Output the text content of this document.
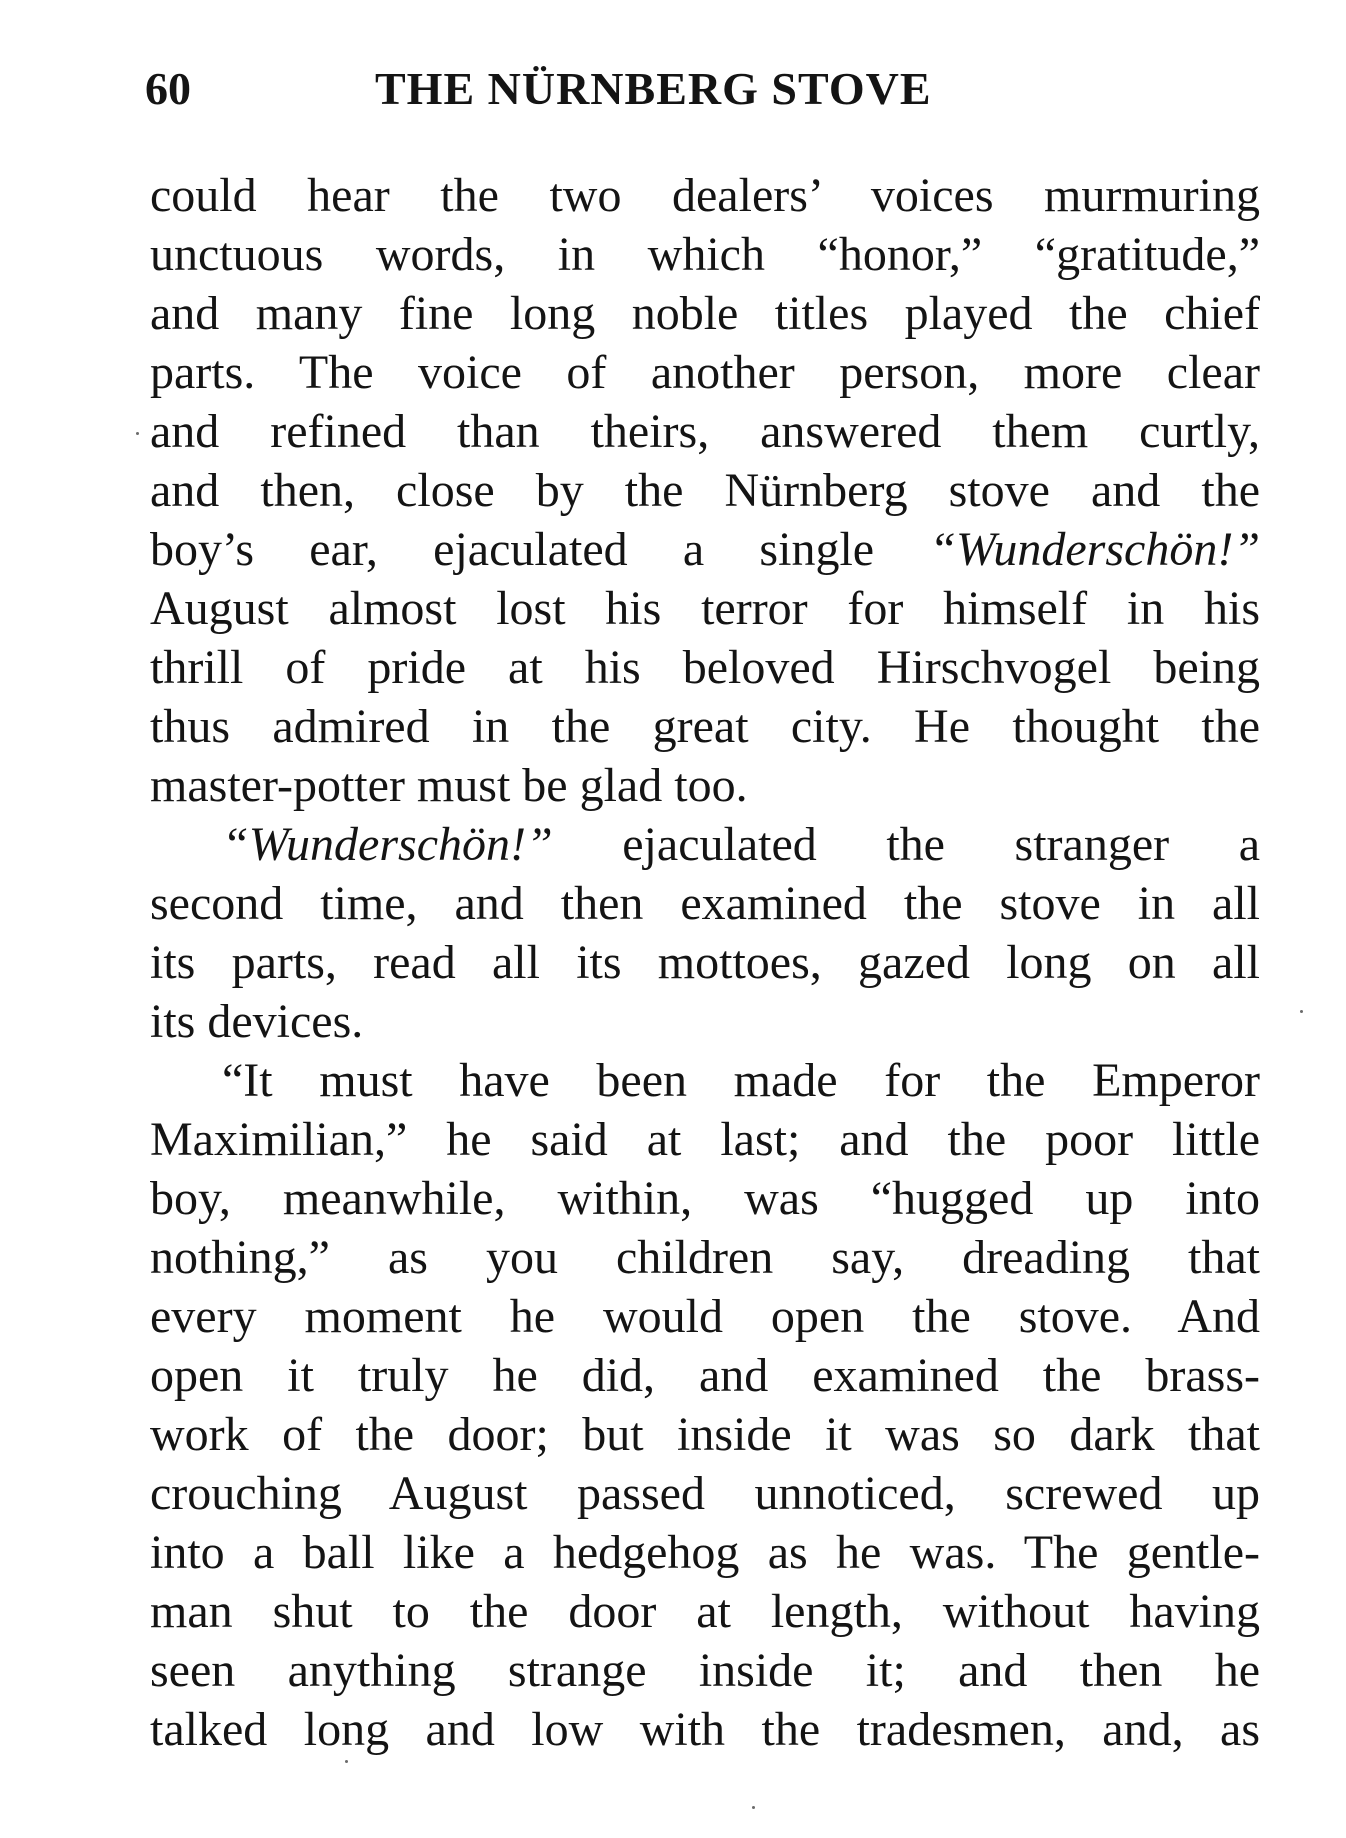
60	THE NÜRNBERG STOVE
could hear the two dealers’ voices murmuring
unctuous words, in which “honor,” “gratitude,”
and many fine long noble titles played the chief
parts. The voice of another person, more clear
and refined than theirs, answered them curtly,
and then, close by the Nürnberg stove and the
boy’s ear, ejaculated a single “Wunderschön!”
August almost lost his terror for himself in his
thrill of pride at his beloved Hirschvogel being
thus admired in the great city. He thought the
master-potter must be glad too.
“Wunderschön!” ejaculated the stranger a
second time, and then examined the stove in all
its parts, read all its mottoes, gazed long on all
its devices.
“It must have been made for the Emperor
Maximilian,” he said at last; and the poor little
boy, meanwhile, within, was “hugged up into
nothing,” as you children say, dreading that
every moment he would open the stove. And
open it truly he did, and examined the brass-
work of the door; but inside it was so dark that
crouching August passed unnoticed, screwed up
into a ball like a hedgehog as he was. The gentle-
man shut to the door at length, without having
seen anything strange inside it; and then he
talked long and low with the tradesmen, and, as
